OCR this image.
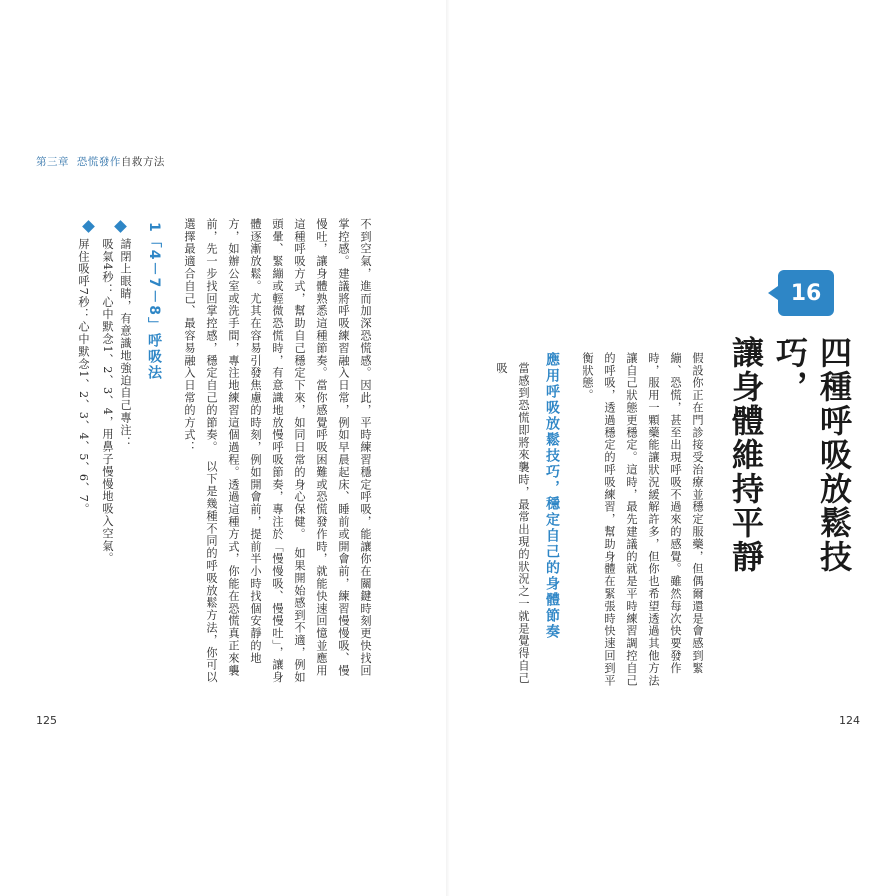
第三章 恐慌發作自救方法
125	124
16
四種呼吸放鬆技巧，
讓身體維持平靜
假設你正在門診接受治療並穩定服藥，但偶爾還是會感到緊繃、恐慌，甚至出現呼吸不過來的感覺。雖然每次快要發作時，服用一顆藥能讓狀況緩解許多，但你也希望透過其他方法讓自己狀態更穩定。這時，最先建議的就是平時練習調控自己的呼吸，透過穩定的呼吸練習，幫助身體在緊張時快速回到平衡狀態。
應用呼吸放鬆技巧，穩定自己的身體節奏
當感到恐慌即將來襲時，最常出現的狀況之一就是覺得自己吸
不到空氣，進而加深恐慌感。因此，平時練習穩定呼吸，能讓你在關鍵時刻更快找回掌控感。建議將呼吸練習融入日常，例如早晨起床、睡前或開會前，練習慢慢吸、慢慢吐，讓身體熟悉這種節奏。當你感覺呼吸困難或恐慌發作時，就能快速回憶並應用這種呼吸方式，幫助自己穩定下來，如同日常的身心保健。　如果開始感到不適，例如頭暈、緊繃或輕微恐慌時，有意識地放慢呼吸節奏，專注於「慢慢吸、慢慢吐」，讓身體逐漸放鬆。尤其在容易引發焦慮的時刻，例如開會前，提前半小時找個安靜的地方，如辦公室或洗手間，專注地練習這個過程。透過這種方式，你能在恐慌真正來襲前，先一步找回掌控感，穩定自己的節奏。　以下是幾種不同的呼吸放鬆方法，你可以選擇最適合自己、最容易融入日常的方式：
1「4－7－8」呼吸法
請閉上眼睛，有意識地強迫自己專注：
吸氣4秒：心中默念1、2、3、4，用鼻子慢慢地吸入空氣。
屏住吸呼7秒：心中默念1、2、3、4、5、6、7。
